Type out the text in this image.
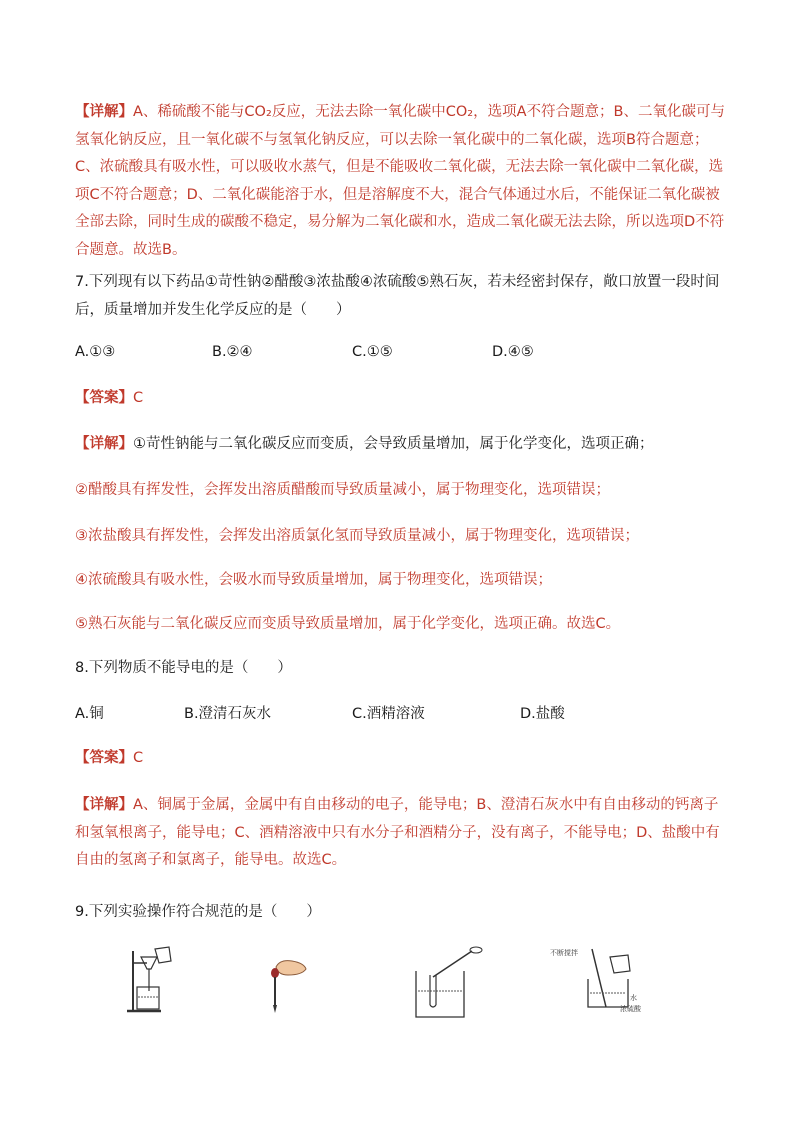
【详解】A、稀硫酸不能与CO₂反应，无法去除一氧化碳中CO₂，选项A不符合题意；B、二氧化碳可与氢氧化钠反应，且一氧化碳不与氢氧化钠反应，可以去除一氧化碳中的二氧化碳，选项B符合题意；C、浓硫酸具有吸水性，可以吸收水蒸气，但是不能吸收二氧化碳，无法去除一氧化碳中二氧化碳，选项C不符合题意；D、二氧化碳能溶于水，但是溶解度不大，混合气体通过水后，不能保证二氧化碳被全部去除，同时生成的碳酸不稳定，易分解为二氧化碳和水，造成二氧化碳无法去除，所以选项D不符合题意。故选B。
7.下列现有以下药品①苛性钠②醋酸③浓盐酸④浓硫酸⑤熟石灰，若未经密封保存，敞口放置一段时间后，质量增加并发生化学反应的是（　　）
A.①③	B.②④	C.①⑤	D.④⑤
【答案】C
【详解】①苛性钠能与二氧化碳反应而变质，会导致质量增加，属于化学变化，选项正确；
②醋酸具有挥发性，会挥发出溶质醋酸而导致质量减小，属于物理变化，选项错误；
③浓盐酸具有挥发性，会挥发出溶质氯化氢而导致质量减小，属于物理变化，选项错误；
④浓硫酸具有吸水性，会吸水而导致质量增加，属于物理变化，选项错误；
⑤熟石灰能与二氧化碳反应而变质导致质量增加，属于化学变化，选项正确。故选C。
8.下列物质不能导电的是（　　）
A.铜	B.澄清石灰水	C.酒精溶液	D.盐酸
【答案】C
【详解】A、铜属于金属，金属中有自由移动的电子，能导电；B、澄清石灰水中有自由移动的钙离子和氢氧根离子，能导电；C、酒精溶液中只有水分子和酒精分子，没有离子，不能导电；D、盐酸中有自由的氢离子和氯离子，能导电。故选C。
9.下列实验操作符合规范的是（　　）
不断搅拌
水
浓硫酸
